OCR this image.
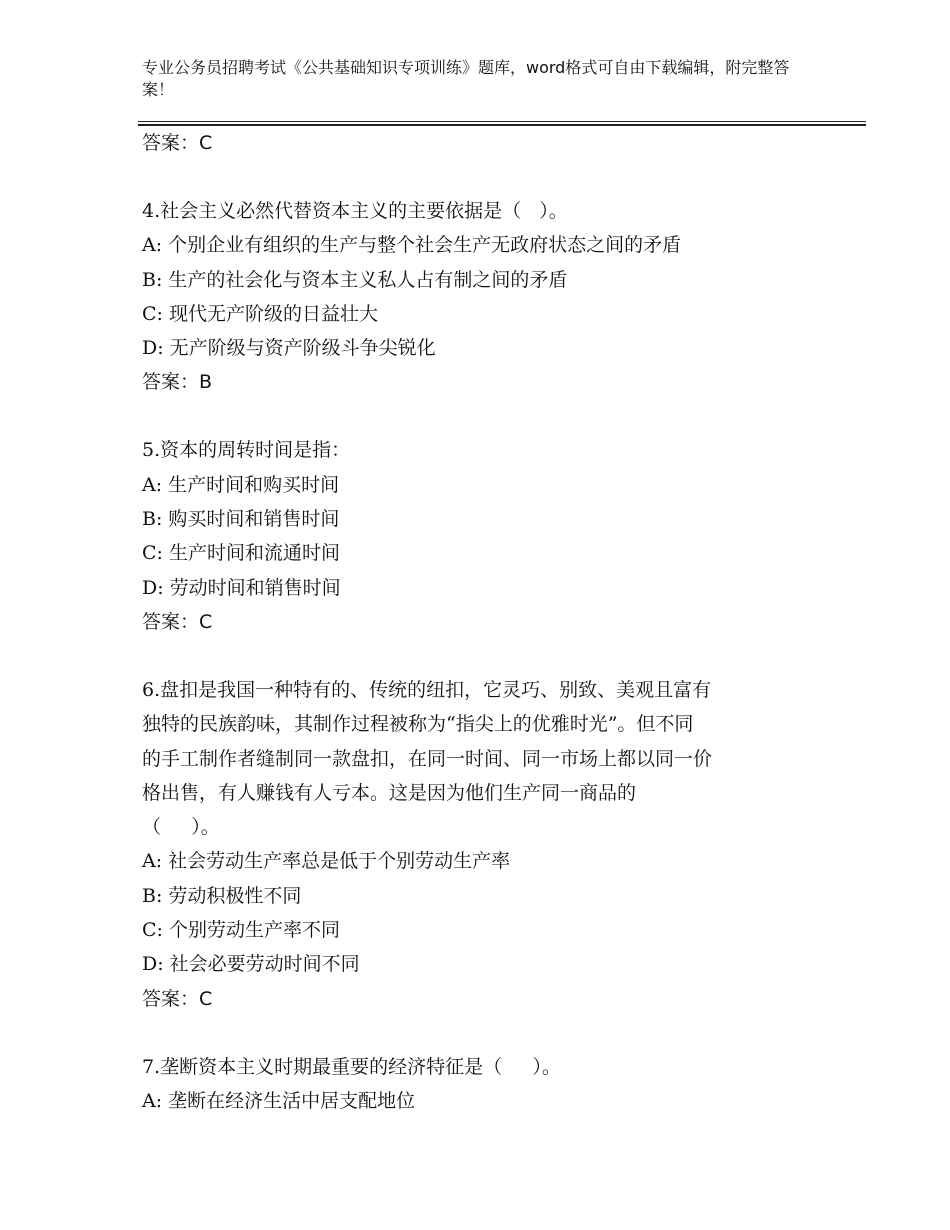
专业公务员招聘考试《公共基础知识专项训练》题库，word格式可自由下载编辑，附完整答案！
答案：C
4.社会主义必然代替资本主义的主要依据是（   ）。
A: 个别企业有组织的生产与整个社会生产无政府状态之间的矛盾
B: 生产的社会化与资本主义私人占有制之间的矛盾
C: 现代无产阶级的日益壮大
D: 无产阶级与资产阶级斗争尖锐化
答案：B
5.资本的周转时间是指：
A: 生产时间和购买时间
B: 购买时间和销售时间
C: 生产时间和流通时间
D: 劳动时间和销售时间
答案：C
6.盘扣是我国一种特有的、传统的纽扣，它灵巧、别致、美观且富有
独特的民族韵味，其制作过程被称为“指尖上的优雅时光”。但不同
的手工制作者缝制同一款盘扣，在同一时间、同一市场上都以同一价
格出售，有人赚钱有人亏本。这是因为他们生产同一商品的
（     ）。
A: 社会劳动生产率总是低于个别劳动生产率
B: 劳动积极性不同
C: 个别劳动生产率不同
D: 社会必要劳动时间不同
答案：C
7.垄断资本主义时期最重要的经济特征是（     ）。
A: 垄断在经济生活中居支配地位
